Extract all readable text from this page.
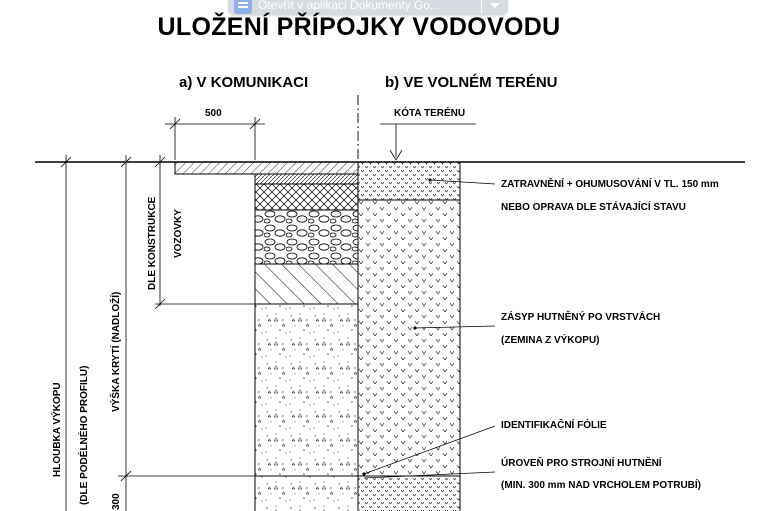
Otevřít v aplikaci Dokumenty Go...
ULOŽENÍ PŘÍPOJKY VODOVODU
a) V KOMUNIKACI	b) VE VOLNÉM TERÉNU
500	KÓTA TERÉNU
ZATRAVNĚNÍ + OHUMUSOVÁNÍ V TL. 150 mm
NEBO OPRAVA DLE STÁVAJÍCÍ STAVU
ZÁSYP HUTNĚNÝ PO VRSTVÁCH
(ZEMINA Z VÝKOPU)
IDENTIFIKAČNÍ FÓLIE
ÚROVEŇ PRO STROJNÍ HUTNĚNÍ
(MIN. 300 mm NAD VRCHOLEM POTRUBÍ)
DLE KONSTRUKCE VOZOVKY
VÝŠKA KRYTÍ (NADLOŽÍ)
HLOUBKA VÝKOPU (DLE PODÉLNÉHO PROFILU) 300
